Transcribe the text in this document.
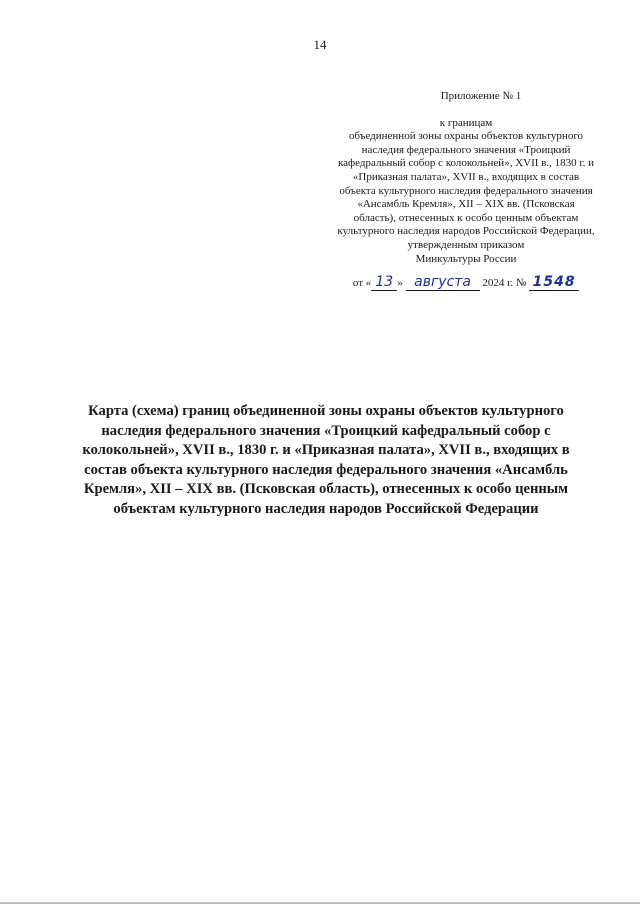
14
Приложение № 1
к границам
объединенной зоны охраны объектов культурного
наследия федерального значения «Троицкий
кафедральный собор с колокольней», XVII в., 1830 г. и
«Приказная палата», XVII в., входящих в состав
объекта культурного наследия федерального значения
«Ансамбль Кремля», XII – XIX вв. (Псковская
область), отнесенных к особо ценным объектам
культурного наследия народов Российской Федерации,
утвержденным приказом
Минкультуры России
от « 13 » августа 2024 г. № 1548
Карта (схема) границ объединенной зоны охраны объектов культурного
наследия федерального значения «Троицкий кафедральный собор с
колокольней», XVII в., 1830 г. и «Приказная палата», XVII в., входящих в
состав объекта культурного наследия федерального значения «Ансамбль
Кремля», XII – XIX вв. (Псковская область), отнесенных к особо ценным
объектам культурного наследия народов Российской Федерации
